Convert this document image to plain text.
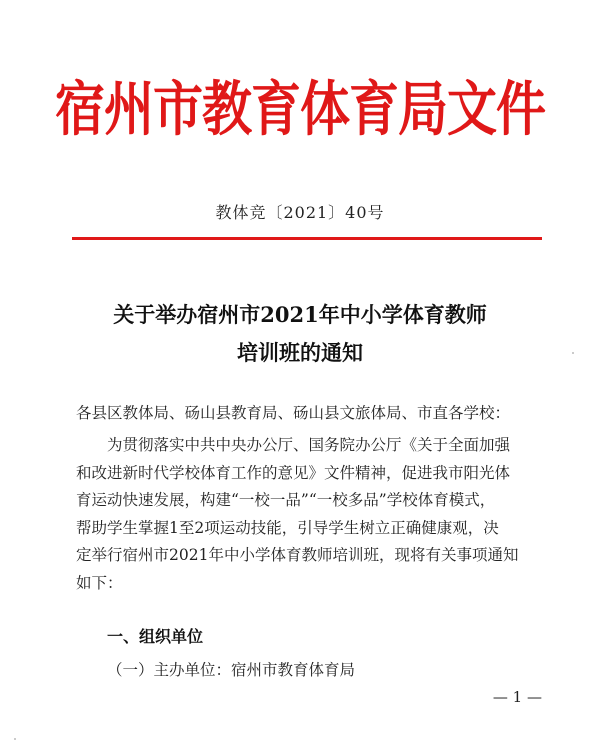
宿州市教育体育局文件
教体竞〔2021〕40号
关于举办宿州市2021年中小学体育教师
培训班的通知
各县区教体局、砀山县教育局、砀山县文旅体局、市直各学校：
为贯彻落实中共中央办公厅、国务院办公厅《关于全面加强
和改进新时代学校体育工作的意见》文件精神，促进我市阳光体
育运动快速发展，构建“一校一品”“一校多品”学校体育模式，
帮助学生掌握1至2项运动技能，引导学生树立正确健康观，决
定举行宿州市2021年中小学体育教师培训班，现将有关事项通知
如下：
一、组织单位
（一）主办单位：宿州市教育体育局
— 1 —
